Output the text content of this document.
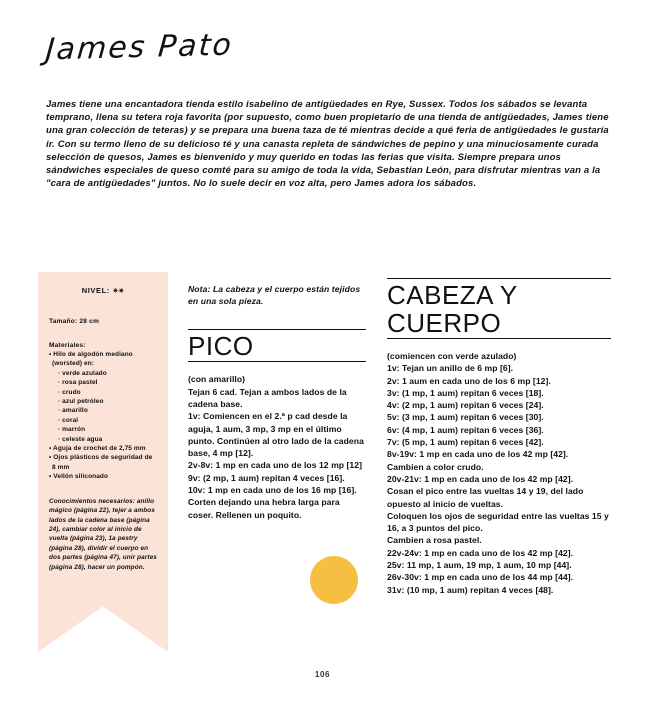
James Pato
James tiene una encantadora tienda estilo isabelino de antigüedades en Rye, Sussex. Todos los sábados se levanta temprano, llena su tetera roja favorita (por supuesto, como buen propietario de una tienda de antigüedades, James tiene una gran colección de teteras) y se prepara una buena taza de té mientras decide a qué feria de antigüedades le gustaría ir. Con su termo lleno de su delicioso té y una canasta repleta de sándwiches de pepino y una minuciosamente curada selección de quesos, James es bienvenido y muy querido en todas las ferias que visita. Siempre prepara unos sándwiches especiales de queso comté para su amigo de toda la vida, Sebastian León, para disfrutar mientras van a la "cara de antigüedades" juntos. No lo suele decir en voz alta, pero James adora los sábados.
NIVEL: ✴✴
Tamaño: 28 cm
Materiales:
• Hilo de algodón mediano (worsted) en:
· verde azulado
· rosa pastel
· crudo
· azul petróleo
· amarillo
· coral
· marrón
· celeste agua
• Aguja de crochet de 2,75 mm
• Ojos plásticos de seguridad de 8 mm
• Vellón siliconado
Conocimientos necesarios: anillo mágico (página 22), tejer a ambos lados de la cadena base (página 24), cambiar color al inicio de vuelta (página 23), 1a pestry (página 28), dividir el cuerpo en dos partes (página 47), unir partes (página 28), hacer un pompón.
Nota: La cabeza y el cuerpo están tejidos en una sola pieza.
PICO

(con amarillo)

Tejan 6 cad. Tejan a ambos lados de la cadena base.

1v: Comiencen en el 2.ª p cad desde la aguja, 1 aum, 3 mp, 3 mp en el último punto. Continúen al otro lado de la cadena base, 4 mp [12].

2v-8v: 1 mp en cada uno de los 12 mp [12]

9v: (2 mp, 1 aum) repitan 4 veces [16].

10v: 1 mp en cada uno de los 16 mp [16].

Corten dejando una hebra larga para coser. Rellenen un poquito.

CABEZA Y CUERPO

(comiencen con verde azulado)

1v: Tejan un anillo de 6 mp [6].

2v: 1 aum en cada uno de los 6 mp [12].

3v: (1 mp, 1 aum) repitan 6 veces [18].

4v: (2 mp, 1 aum) repitan 6 veces [24].

5v: (3 mp, 1 aum) repitan 6 veces [30].

6v: (4 mp, 1 aum) repitan 6 veces [36].

7v: (5 mp, 1 aum) repitan 6 veces [42].

8v-19v: 1 mp en cada uno de los 42 mp [42].

Cambien a color crudo.

20v-21v: 1 mp en cada uno de los 42 mp [42].

Cosan el pico entre las vueltas 14 y 19, del lado opuesto al inicio de vueltas.

Coloquen los ojos de seguridad entre las vueltas 15 y 16, a 3 puntos del pico.

Cambien a rosa pastel.

22v-24v: 1 mp en cada uno de los 42 mp [42].

25v: 11 mp, 1 aum, 19 mp, 1 aum, 10 mp [44].

26v-30v: 1 mp en cada uno de los 44 mp [44].

31v: (10 mp, 1 aum) repitan 4 veces [48].

106
